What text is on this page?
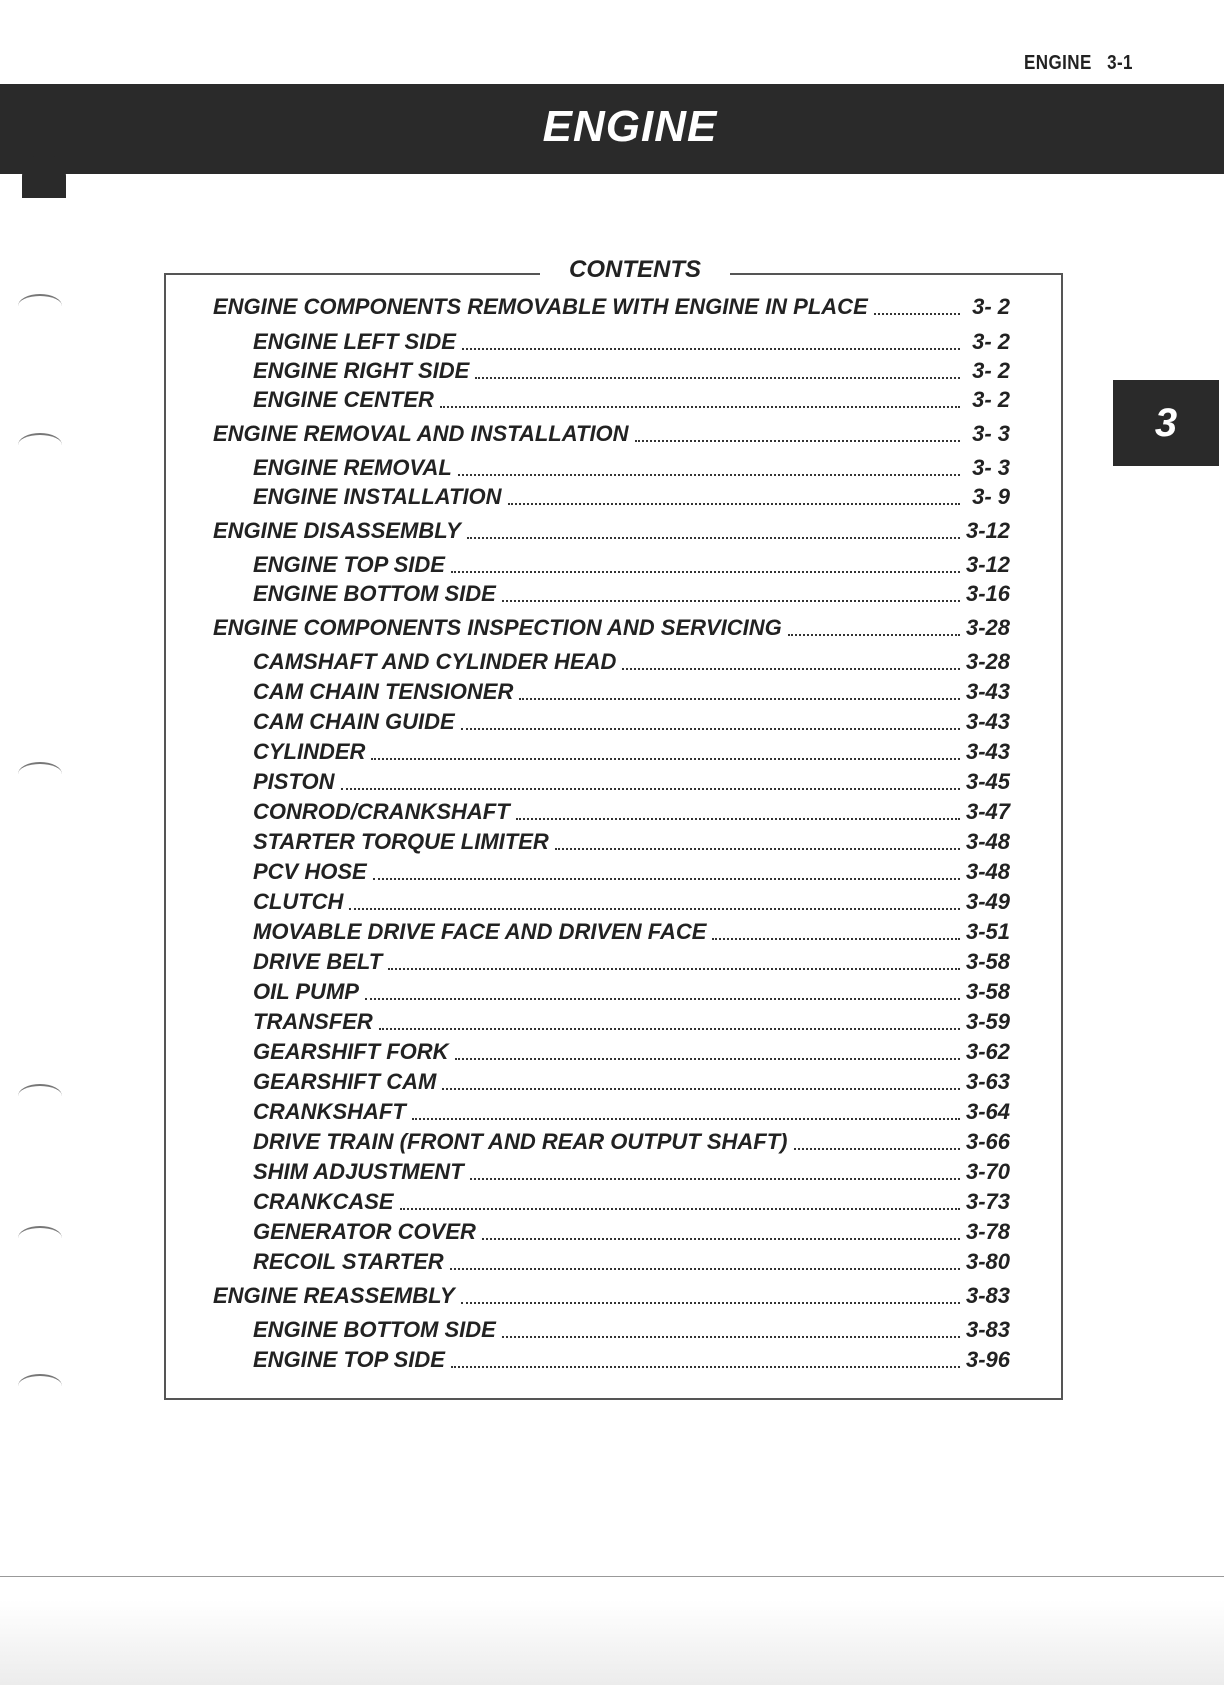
ENGINE 3-1
ENGINE
3
CONTENTS
ENGINE COMPONENTS REMOVABLE WITH ENGINE IN PLACE	3- 2
ENGINE LEFT SIDE	3- 2
ENGINE RIGHT SIDE	3- 2
ENGINE CENTER	3- 2
ENGINE REMOVAL AND INSTALLATION	3- 3
ENGINE REMOVAL	3- 3
ENGINE INSTALLATION	3- 9
ENGINE DISASSEMBLY	3-12
ENGINE TOP SIDE	3-12
ENGINE BOTTOM SIDE	3-16
ENGINE COMPONENTS INSPECTION AND SERVICING	3-28
CAMSHAFT AND CYLINDER HEAD	3-28
CAM CHAIN TENSIONER	3-43
CAM CHAIN GUIDE	3-43
CYLINDER	3-43
PISTON	3-45
CONROD/CRANKSHAFT	3-47
STARTER TORQUE LIMITER	3-48
PCV HOSE	3-48
CLUTCH	3-49
MOVABLE DRIVE FACE AND DRIVEN FACE	3-51
DRIVE BELT	3-58
OIL PUMP	3-58
TRANSFER	3-59
GEARSHIFT FORK	3-62
GEARSHIFT CAM	3-63
CRANKSHAFT	3-64
DRIVE TRAIN (FRONT AND REAR OUTPUT SHAFT)	3-66
SHIM ADJUSTMENT	3-70
CRANKCASE	3-73
GENERATOR COVER	3-78
RECOIL STARTER	3-80
ENGINE REASSEMBLY	3-83
ENGINE BOTTOM SIDE	3-83
ENGINE TOP SIDE	3-96
